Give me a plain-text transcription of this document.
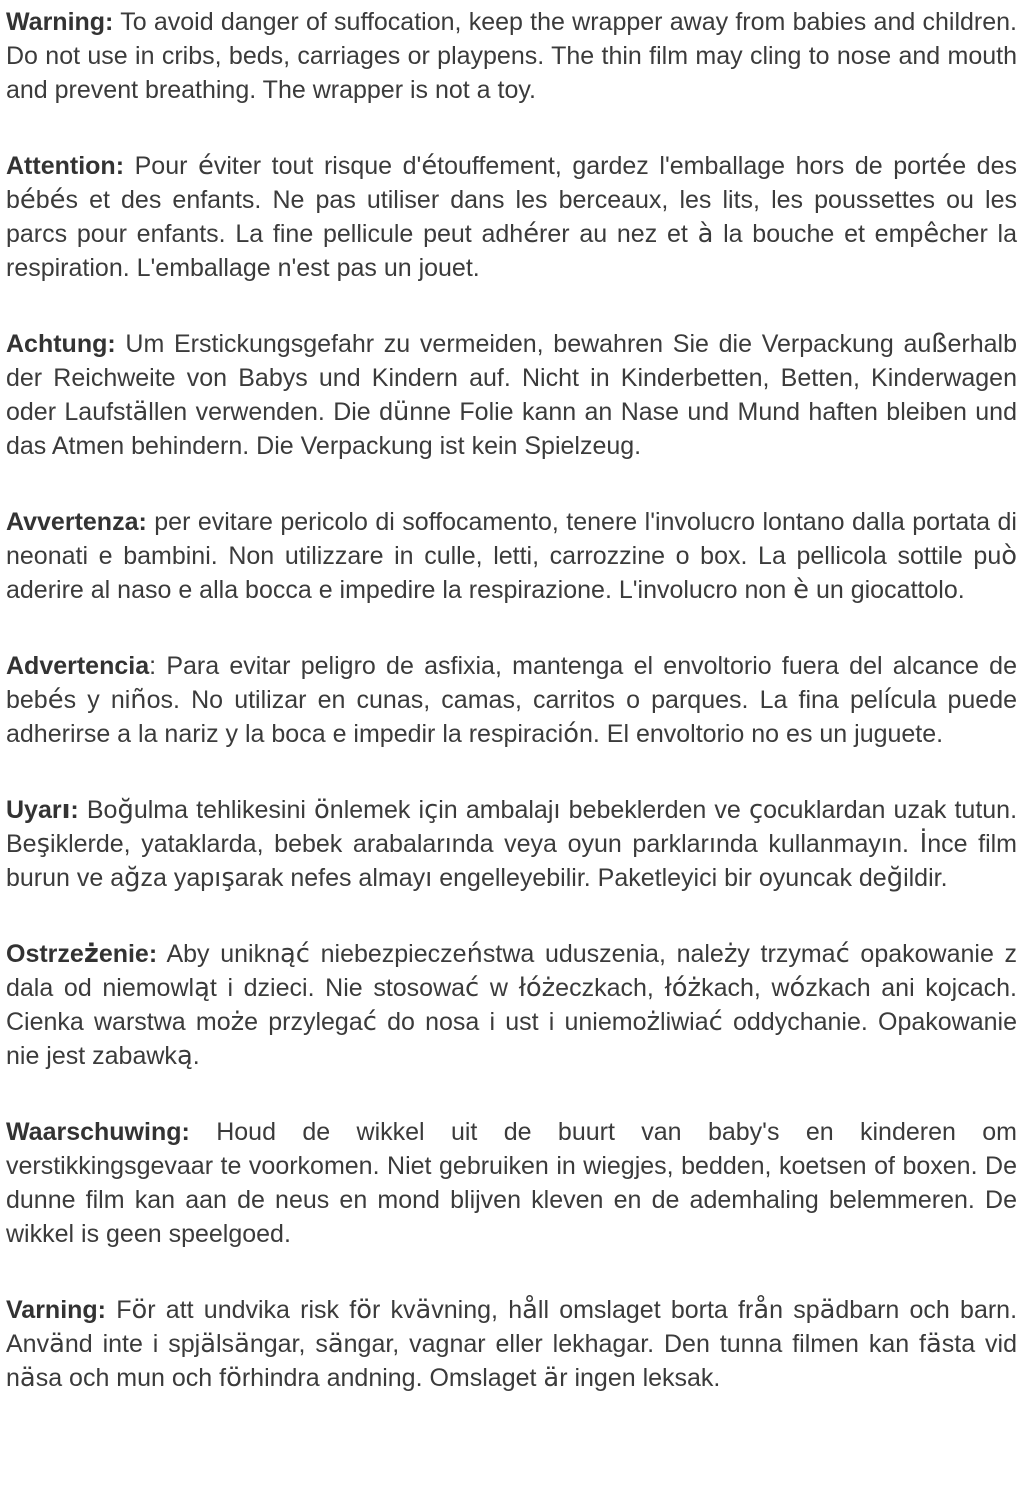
Warning: To avoid danger of suffocation, keep the wrapper away from babies and children. Do not use in cribs, beds, carriages or playpens. The thin film may cling to nose and mouth and prevent breathing. The wrapper is not a toy.

Attention: Pour éviter tout risque d'étouffement, gardez l'emballage hors de portée des bébés et des enfants. Ne pas utiliser dans les berceaux, les lits, les poussettes ou les parcs pour enfants. La fine pellicule peut adhérer au nez et à la bouche et empêcher la respiration. L'emballage n'est pas un jouet.

Achtung: Um Erstickungsgefahr zu vermeiden, bewahren Sie die Verpackung außerhalb der Reichweite von Babys und Kindern auf. Nicht in Kinderbetten, Betten, Kinderwagen oder Laufställen verwenden. Die dünne Folie kann an Nase und Mund haften bleiben und das Atmen behindern. Die Verpackung ist kein Spielzeug.

Avvertenza: per evitare pericolo di soffocamento, tenere l'involucro lontano dalla portata di neonati e bambini. Non utilizzare in culle, letti, carrozzine o box. La pellicola sottile può aderire al naso e alla bocca e impedire la respirazione. L'involucro non è un giocattolo.

Advertencia: Para evitar peligro de asfixia, mantenga el envoltorio fuera del alcance de bebés y niños. No utilizar en cunas, camas, carritos o parques. La fina película puede adherirse a la nariz y la boca e impedir la respiración. El envoltorio no es un juguete.

Uyarı: Boğulma tehlikesini önlemek için ambalajı bebeklerden ve çocuklardan uzak tutun. Beşiklerde, yataklarda, bebek arabalarında veya oyun parklarında kullanmayın. İnce film burun ve ağza yapışarak nefes almayı engelleyebilir. Paketleyici bir oyuncak değildir.

Ostrzeżenie: Aby uniknąć niebezpieczeństwa uduszenia, należy trzymać opakowanie z dala od niemowląt i dzieci. Nie stosować w łóżeczkach, łóżkach, wózkach ani kojcach. Cienka warstwa może przylegać do nosa i ust i uniemożliwiać oddychanie. Opakowanie nie jest zabawką.

Waarschuwing: Houd de wikkel uit de buurt van baby's en kinderen om verstikkingsgevaar te voorkomen. Niet gebruiken in wiegjes, bedden, koetsen of boxen. De dunne film kan aan de neus en mond blijven kleven en de ademhaling belemmeren. De wikkel is geen speelgoed.

Varning: För att undvika risk för kvävning, håll omslaget borta från spädbarn och barn. Använd inte i spjälsängar, sängar, vagnar eller lekhagar. Den tunna filmen kan fästa vid näsa och mun och förhindra andning. Omslaget är ingen leksak.
